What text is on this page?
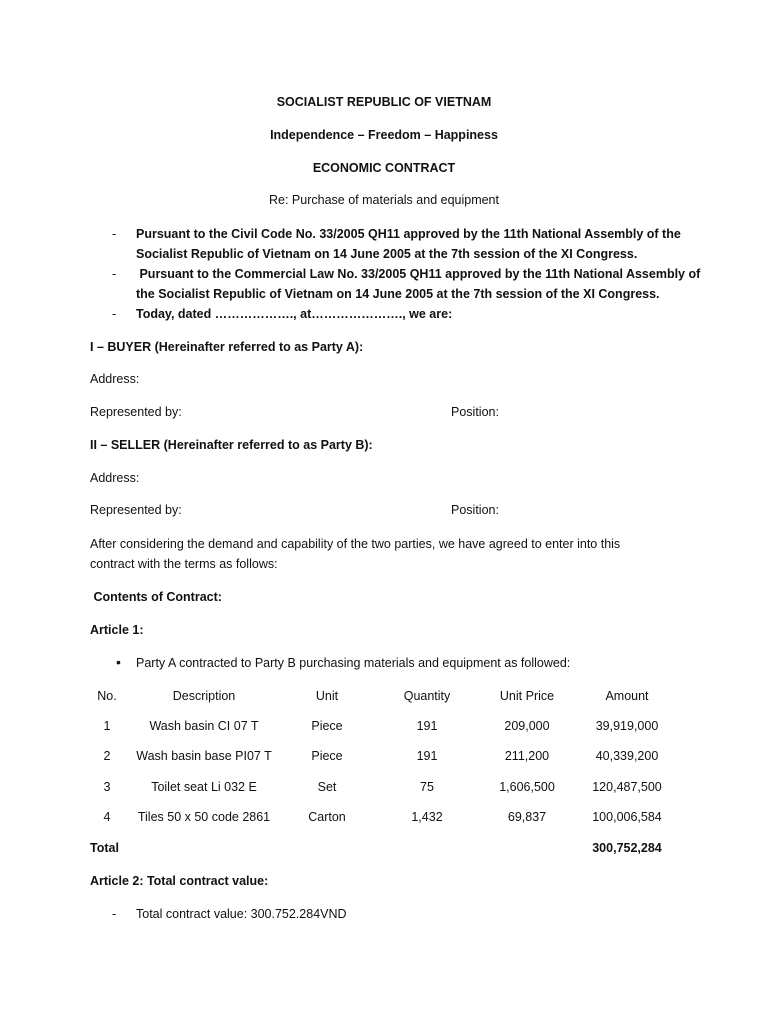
SOCIALIST REPUBLIC OF VIETNAM
Independence – Freedom – Happiness
ECONOMIC CONTRACT
Re: Purchase of materials and equipment
- Pursuant to the Civil Code No. 33/2005 QH11 approved by the 11th National Assembly of the
Socialist Republic of Vietnam on 14 June 2005 at the 7th session of the XI Congress.
- Pursuant to the Commercial Law No. 33/2005 QH11 approved by the 11th National Assembly of
the Socialist Republic of Vietnam on 14 June 2005 at the 7th session of the XI Congress.
- Today, dated ………………., at…………………., we are:
I – BUYER (Hereinafter referred to as Party A):
Address:
Represented by:	Position:
II – SELLER (Hereinafter referred to as Party B):
Address:
Represented by:	Position:
After considering the demand and capability of the two parties, we have agreed to enter into this
contract with the terms as follows:
Contents of Contract:
Article 1:
• Party A contracted to Party B purchasing materials and equipment as followed:
No.	Description	Unit	Quantity	Unit Price	Amount
1	Wash basin CI 07 T	Piece	191	209,000	39,919,000
2	Wash basin base PI07 T	Piece	191	211,200	40,339,200
3	Toilet seat Li 032 E	Set	75	1,606,500	120,487,500
4	Tiles 50 x 50 code 2861	Carton	1,432	69,837	100,006,584
Total	300,752,284
Article 2: Total contract value:
- Total contract value: 300.752.284VND
